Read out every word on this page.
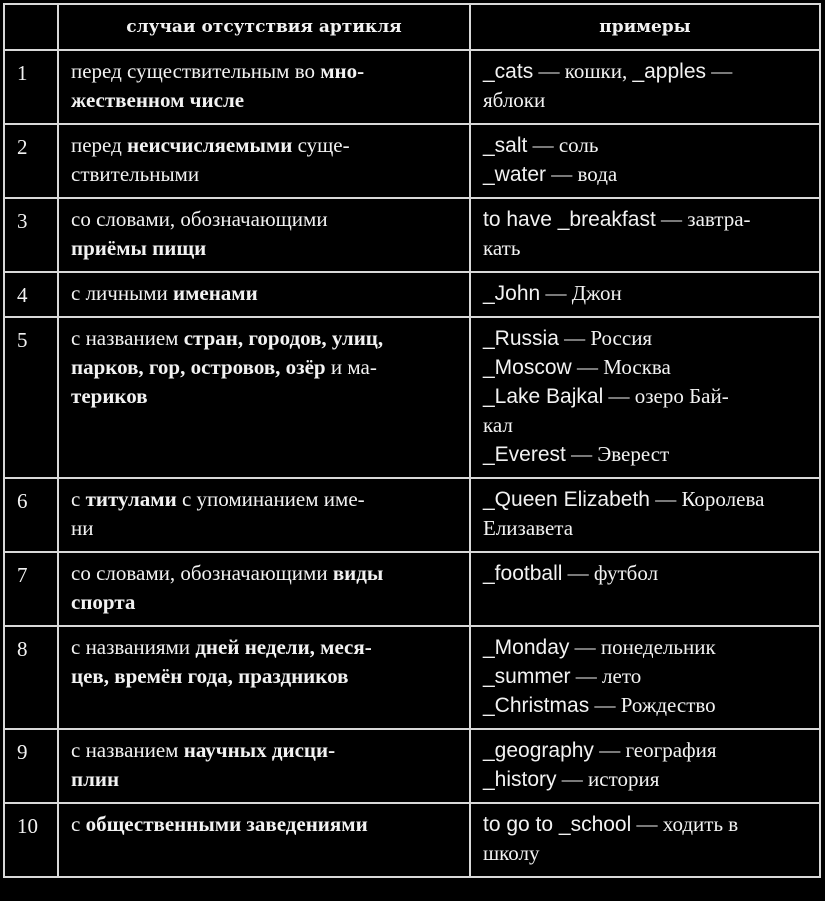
	случаи отсутствия артикля	примеры
1	перед существительным во мно-
жественном числе	_cats — кошки, _apples —
яблоки

2	перед неисчисляемыми суще-
ствительными	_salt — соль
_water — вода

3	со словами, обозначающими
приёмы пищи	to have _breakfast — завтра-
кать

4	с личными именами	_John — Джон

5	с названием стран, городов, улиц,
парков, гор, островов, озёр и ма-
териков	_Russia — Россия
_Moscow — Москва
_Lake Bajkal — озеро Бай-
кал
_Everest — Эверест

6	с титулами с упоминанием име-
ни	_Queen Elizabeth — Королева
Елизавета

7	со словами, обозначающими виды
спорта	_football — футбол

8	с названиями дней недели, меся-
цев, времён года, праздников	_Monday — понедельник
_summer — лето
_Christmas — Рождество

9	с названием научных дисци-
плин	_geography — география
_history — история

10	с общественными заведениями	to go to _school — ходить в
школу
